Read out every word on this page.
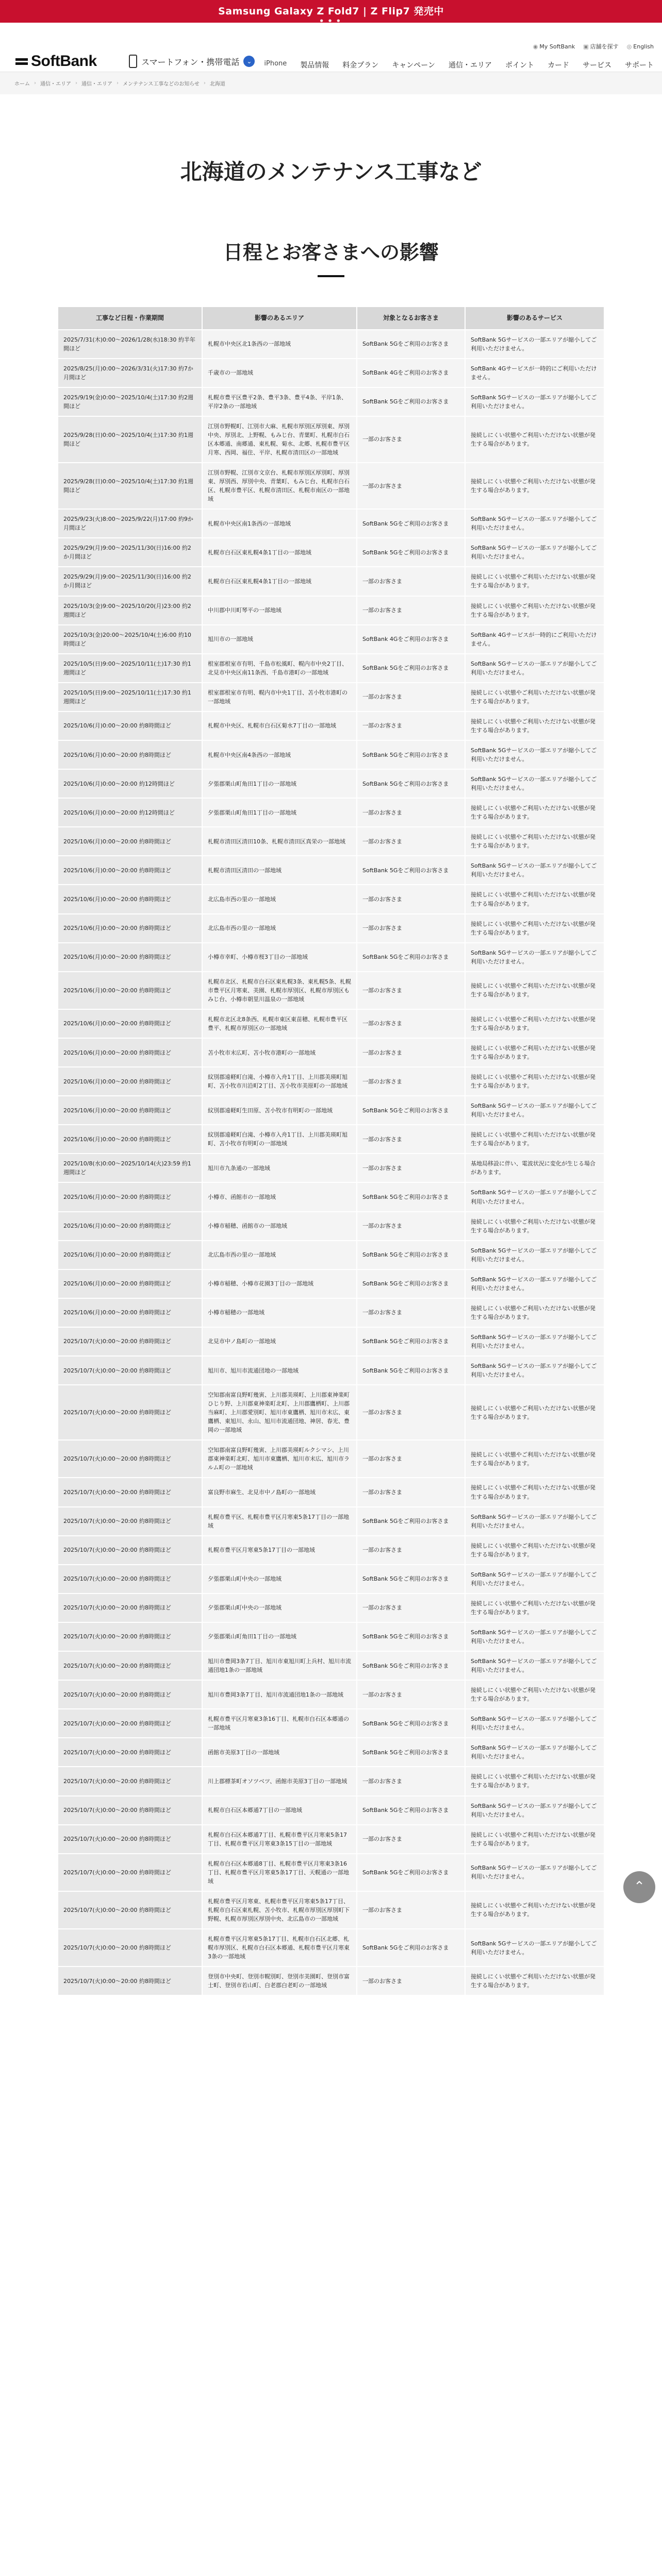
Samsung Galaxy Z Fold7 | Z Flip7 発売中
● ● ●
◉ My SoftBank ▣ 店舗を探す ◎ English
SoftBank	スマートフォン・携帯電話	⌄	iPhone 製品情報 料金プラン キャンペーン 通信・エリア ポイント カード サービス サポート
ホーム › 通信・エリア › 通信・エリア › メンテナンス工事などのお知らせ › 北海道
北海道のメンテナンス工事など
日程とお客さまへの影響
工事など日程・作業期間	影響のあるエリア	対象となるお客さま	影響のあるサービス
2025/7/31(木)0:00～2026/1/28(水)18:30 約半年間ほど	札幌市中央区北1条西の一部地域	SoftBank 5Gをご利用のお客さま	SoftBank 5Gサービスの一部エリアが縮小してご利用いただけません。
2025/8/25(月)0:00～2026/3/31(火)17:30 約7か月間ほど	千歳市の一部地域	SoftBank 4Gをご利用のお客さま	SoftBank 4Gサービスが一時的にご利用いただけません。
2025/9/19(金)0:00～2025/10/4(土)17:30 約2週間ほど	札幌市豊平区豊平2条、豊平3条、豊平4条、平岸1条、平岸2条の一部地域	SoftBank 5Gをご利用のお客さま	SoftBank 5Gサービスの一部エリアが縮小してご利用いただけません。
2025/9/28(日)0:00～2025/10/4(土)17:30 約1週間ほど	江別市野幌町、江別市大麻、札幌市厚別区厚別東、厚別中央、厚別北、上野幌、もみじ台、青葉町、札幌市白石区本郷通、南郷通、東札幌、菊水、北郷、札幌市豊平区月寒、西岡、福住、平岸、札幌市清田区の一部地域	一部のお客さま	接続しにくい状態やご利用いただけない状態が発生する場合があります。
2025/9/28(日)0:00～2025/10/4(土)17:30 約1週間ほど	江別市野幌、江別市文京台、札幌市厚別区厚別町、厚別東、厚別西、厚別中央、青葉町、もみじ台、札幌市白石区、札幌市豊平区、札幌市清田区、札幌市南区の一部地域	一部のお客さま	接続しにくい状態やご利用いただけない状態が発生する場合があります。
2025/9/23(火)8:00～2025/9/22(月)17:00 約9か月間ほど	札幌市中央区南1条西の一部地域	SoftBank 5Gをご利用のお客さま	SoftBank 5Gサービスの一部エリアが縮小してご利用いただけません。
2025/9/29(月)9:00～2025/11/30(日)16:00 約2か月間ほど	札幌市白石区東札幌4条1丁目の一部地域	SoftBank 5Gをご利用のお客さま	SoftBank 5Gサービスの一部エリアが縮小してご利用いただけません。
2025/9/29(月)9:00～2025/11/30(日)16:00 約2か月間ほど	札幌市白石区東札幌4条1丁目の一部地域	一部のお客さま	接続しにくい状態やご利用いただけない状態が発生する場合があります。
2025/10/3(金)9:00～2025/10/20(月)23:00 約2週間ほど	中川郡中川町琴平の一部地域	一部のお客さま	接続しにくい状態やご利用いただけない状態が発生する場合があります。
2025/10/3(金)20:00～2025/10/4(土)6:00 約10時間ほど	旭川市の一部地域	SoftBank 4Gをご利用のお客さま	SoftBank 4Gサービスが一時的にご利用いただけません。
2025/10/5(日)9:00～2025/10/11(土)17:30 約1週間ほど	根室郡根室市有明、千島市松風町、幌内市中央2丁目、北見市中央区南11条西、千島市港町の一部地域	SoftBank 5Gをご利用のお客さま	SoftBank 5Gサービスの一部エリアが縮小してご利用いただけません。
2025/10/5(日)9:00～2025/10/11(土)17:30 約1週間ほど	根室郡根室市有明、幌内市中央1丁目、苫小牧市港町の一部地域	一部のお客さま	接続しにくい状態やご利用いただけない状態が発生する場合があります。
2025/10/6(月)0:00～20:00 約8時間ほど	札幌市中央区、札幌市白石区菊水7丁目の一部地域	一部のお客さま	接続しにくい状態やご利用いただけない状態が発生する場合があります。
2025/10/6(月)0:00～20:00 約8時間ほど	札幌市中央区南4条西の一部地域	SoftBank 5Gをご利用のお客さま	SoftBank 5Gサービスの一部エリアが縮小してご利用いただけません。
2025/10/6(月)0:00～20:00 約12時間ほど	夕張郡栗山町角田1丁目の一部地域	SoftBank 5Gをご利用のお客さま	SoftBank 5Gサービスの一部エリアが縮小してご利用いただけません。
2025/10/6(月)0:00～20:00 約12時間ほど	夕張郡栗山町角田1丁目の一部地域	一部のお客さま	接続しにくい状態やご利用いただけない状態が発生する場合があります。
2025/10/6(月)0:00～20:00 約8時間ほど	札幌市清田区清田10条、札幌市清田区真栄の一部地域	一部のお客さま	接続しにくい状態やご利用いただけない状態が発生する場合があります。
2025/10/6(月)0:00～20:00 約8時間ほど	札幌市清田区清田の一部地域	SoftBank 5Gをご利用のお客さま	SoftBank 5Gサービスの一部エリアが縮小してご利用いただけません。
2025/10/6(月)0:00～20:00 約8時間ほど	北広島市西の里の一部地域	一部のお客さま	接続しにくい状態やご利用いただけない状態が発生する場合があります。
2025/10/6(月)0:00～20:00 約8時間ほど	北広島市西の里の一部地域	一部のお客さま	接続しにくい状態やご利用いただけない状態が発生する場合があります。
2025/10/6(月)0:00～20:00 約8時間ほど	小樽市幸町、小樽市桜3丁目の一部地域	SoftBank 5Gをご利用のお客さま	SoftBank 5Gサービスの一部エリアが縮小してご利用いただけません。
2025/10/6(月)0:00～20:00 約8時間ほど	札幌市北区、札幌市白石区東札幌3条、東札幌5条、札幌市豊平区月寒東、美園、札幌市厚別区、札幌市厚別区もみじ台、小樽市朝里川温泉の一部地域	一部のお客さま	接続しにくい状態やご利用いただけない状態が発生する場合があります。
2025/10/6(月)0:00～20:00 約8時間ほど	札幌市北区北8条西、札幌市東区東苗穂、札幌市豊平区豊平、札幌市厚別区の一部地域	一部のお客さま	接続しにくい状態やご利用いただけない状態が発生する場合があります。
2025/10/6(月)0:00～20:00 約8時間ほど	苫小牧市末広町、苫小牧市港町の一部地域	一部のお客さま	接続しにくい状態やご利用いただけない状態が発生する場合があります。
2025/10/6(月)0:00～20:00 約8時間ほど	紋別郡遠軽町白滝、小樽市入舟1丁目、上川郡美瑛町旭町、苫小牧市川沿町2丁目、苫小牧市美原町の一部地域	一部のお客さま	接続しにくい状態やご利用いただけない状態が発生する場合があります。
2025/10/6(月)0:00～20:00 約8時間ほど	紋別郡遠軽町生田原、苫小牧市有明町の一部地域	SoftBank 5Gをご利用のお客さま	SoftBank 5Gサービスの一部エリアが縮小してご利用いただけません。
2025/10/6(月)0:00～20:00 約8時間ほど	紋別郡遠軽町白滝、小樽市入舟1丁目、上川郡美瑛町旭町、苫小牧市有明町の一部地域	一部のお客さま	接続しにくい状態やご利用いただけない状態が発生する場合があります。
2025/10/8(水)0:00～2025/10/14(火)23:59 約1週間ほど	旭川市九条通の一部地域	一部のお客さま	基地局移設に伴い、電波状況に変化が生じる場合があります。
2025/10/6(月)0:00～20:00 約8時間ほど	小樽市、函館市の一部地域	SoftBank 5Gをご利用のお客さま	SoftBank 5Gサービスの一部エリアが縮小してご利用いただけません。
2025/10/6(月)0:00～20:00 約8時間ほど	小樽市稲穂、函館市の一部地域	一部のお客さま	接続しにくい状態やご利用いただけない状態が発生する場合があります。
2025/10/6(月)0:00～20:00 約8時間ほど	北広島市西の里の一部地域	SoftBank 5Gをご利用のお客さま	SoftBank 5Gサービスの一部エリアが縮小してご利用いただけません。
2025/10/6(月)0:00～20:00 約8時間ほど	小樽市稲穂、小樽市花園3丁目の一部地域	SoftBank 5Gをご利用のお客さま	SoftBank 5Gサービスの一部エリアが縮小してご利用いただけません。
2025/10/6(月)0:00～20:00 約8時間ほど	小樽市稲穂の一部地域	一部のお客さま	接続しにくい状態やご利用いただけない状態が発生する場合があります。
2025/10/7(火)0:00～20:00 約8時間ほど	北見市中ノ島町の一部地域	SoftBank 5Gをご利用のお客さま	SoftBank 5Gサービスの一部エリアが縮小してご利用いただけません。
2025/10/7(火)0:00～20:00 約8時間ほど	旭川市、旭川市流通団地の一部地域	SoftBank 5Gをご利用のお客さま	SoftBank 5Gサービスの一部エリアが縮小してご利用いただけません。
2025/10/7(火)0:00～20:00 約8時間ほど	空知郡南富良野町幾寅、上川郡美瑛町、上川郡東神楽町ひじり野、上川郡東神楽町北町、上川郡鷹栖町、上川郡当麻町、上川郡愛別町、旭川市東鷹栖、旭川市末広、東鷹栖、東旭川、永山、旭川市流通団地、神居、春光、豊岡の一部地域	一部のお客さま	接続しにくい状態やご利用いただけない状態が発生する場合があります。
2025/10/7(火)0:00～20:00 約8時間ほど	空知郡南富良野町幾寅、上川郡美瑛町ルクシマシ、上川郡東神楽町北町、旭川市東鷹栖、旭川市末広、旭川市ラルム町の一部地域	一部のお客さま	接続しにくい状態やご利用いただけない状態が発生する場合があります。
2025/10/7(火)0:00～20:00 約8時間ほど	富良野市麻生、北見市中ノ島町の一部地域	一部のお客さま	接続しにくい状態やご利用いただけない状態が発生する場合があります。
2025/10/7(火)0:00～20:00 約8時間ほど	札幌市豊平区、札幌市豊平区月寒東5条17丁目の一部地域	SoftBank 5Gをご利用のお客さま	SoftBank 5Gサービスの一部エリアが縮小してご利用いただけません。
2025/10/7(火)0:00～20:00 約8時間ほど	札幌市豊平区月寒東5条17丁目の一部地域	一部のお客さま	接続しにくい状態やご利用いただけない状態が発生する場合があります。
2025/10/7(火)0:00～20:00 約8時間ほど	夕張郡栗山町中央の一部地域	SoftBank 5Gをご利用のお客さま	SoftBank 5Gサービスの一部エリアが縮小してご利用いただけません。
2025/10/7(火)0:00～20:00 約8時間ほど	夕張郡栗山町中央の一部地域	一部のお客さま	接続しにくい状態やご利用いただけない状態が発生する場合があります。
2025/10/7(火)0:00～20:00 約8時間ほど	夕張郡栗山町角田1丁目の一部地域	SoftBank 5Gをご利用のお客さま	SoftBank 5Gサービスの一部エリアが縮小してご利用いただけません。
2025/10/7(火)0:00～20:00 約8時間ほど	旭川市豊岡3条7丁目、旭川市東旭川町上兵村、旭川市流通団地1条の一部地域	SoftBank 5Gをご利用のお客さま	SoftBank 5Gサービスの一部エリアが縮小してご利用いただけません。
2025/10/7(火)0:00～20:00 約8時間ほど	旭川市豊岡3条7丁目、旭川市流通団地1条の一部地域	一部のお客さま	接続しにくい状態やご利用いただけない状態が発生する場合があります。
2025/10/7(火)0:00～20:00 約8時間ほど	札幌市豊平区月寒東3条16丁目、札幌市白石区本郷通の一部地域	SoftBank 5Gをご利用のお客さま	SoftBank 5Gサービスの一部エリアが縮小してご利用いただけません。
2025/10/7(火)0:00～20:00 約8時間ほど	函館市美原3丁目の一部地域	SoftBank 5Gをご利用のお客さま	SoftBank 5Gサービスの一部エリアが縮小してご利用いただけません。
2025/10/7(火)0:00～20:00 約8時間ほど	川上郡標茶町オソツベツ、函館市美原3丁目の一部地域	一部のお客さま	接続しにくい状態やご利用いただけない状態が発生する場合があります。
2025/10/7(火)0:00～20:00 約8時間ほど	札幌市白石区本郷通7丁目の一部地域	SoftBank 5Gをご利用のお客さま	SoftBank 5Gサービスの一部エリアが縮小してご利用いただけません。
2025/10/7(火)0:00～20:00 約8時間ほど	札幌市白石区本郷通7丁目、札幌市豊平区月寒東5条17丁目、札幌市豊平区月寒東3条15丁目の一部地域	一部のお客さま	接続しにくい状態やご利用いただけない状態が発生する場合があります。
2025/10/7(火)0:00～20:00 約8時間ほど	札幌市白石区本郷通8丁目、札幌市豊平区月寒東3条16丁目、札幌市豊平区月寒東5条17丁目、天幌通の一部地域	SoftBank 5Gをご利用のお客さま	SoftBank 5Gサービスの一部エリアが縮小してご利用いただけません。
2025/10/7(火)0:00～20:00 約8時間ほど	札幌市豊平区月寒東、札幌市豊平区月寒東5条17丁目、札幌市白石区東札幌、苫小牧市、札幌市厚別区厚別町下野幌、札幌市厚別区厚別中央、北広島市の一部地域	一部のお客さま	接続しにくい状態やご利用いただけない状態が発生する場合があります。
2025/10/7(火)0:00～20:00 約8時間ほど	札幌市豊平区月寒東5条17丁目、札幌市白石区北郷、札幌市厚別区、札幌市白石区本郷通、札幌市豊平区月寒東3条の一部地域	SoftBank 5Gをご利用のお客さま	SoftBank 5Gサービスの一部エリアが縮小してご利用いただけません。
2025/10/7(火)0:00～20:00 約8時間ほど	登別市中央町、登別市幌別町、登別市美園町、登別市富士町、登別市若山町、白老郡白老町の一部地域	一部のお客さま	接続しにくい状態やご利用いただけない状態が発生する場合があります。
⌃
